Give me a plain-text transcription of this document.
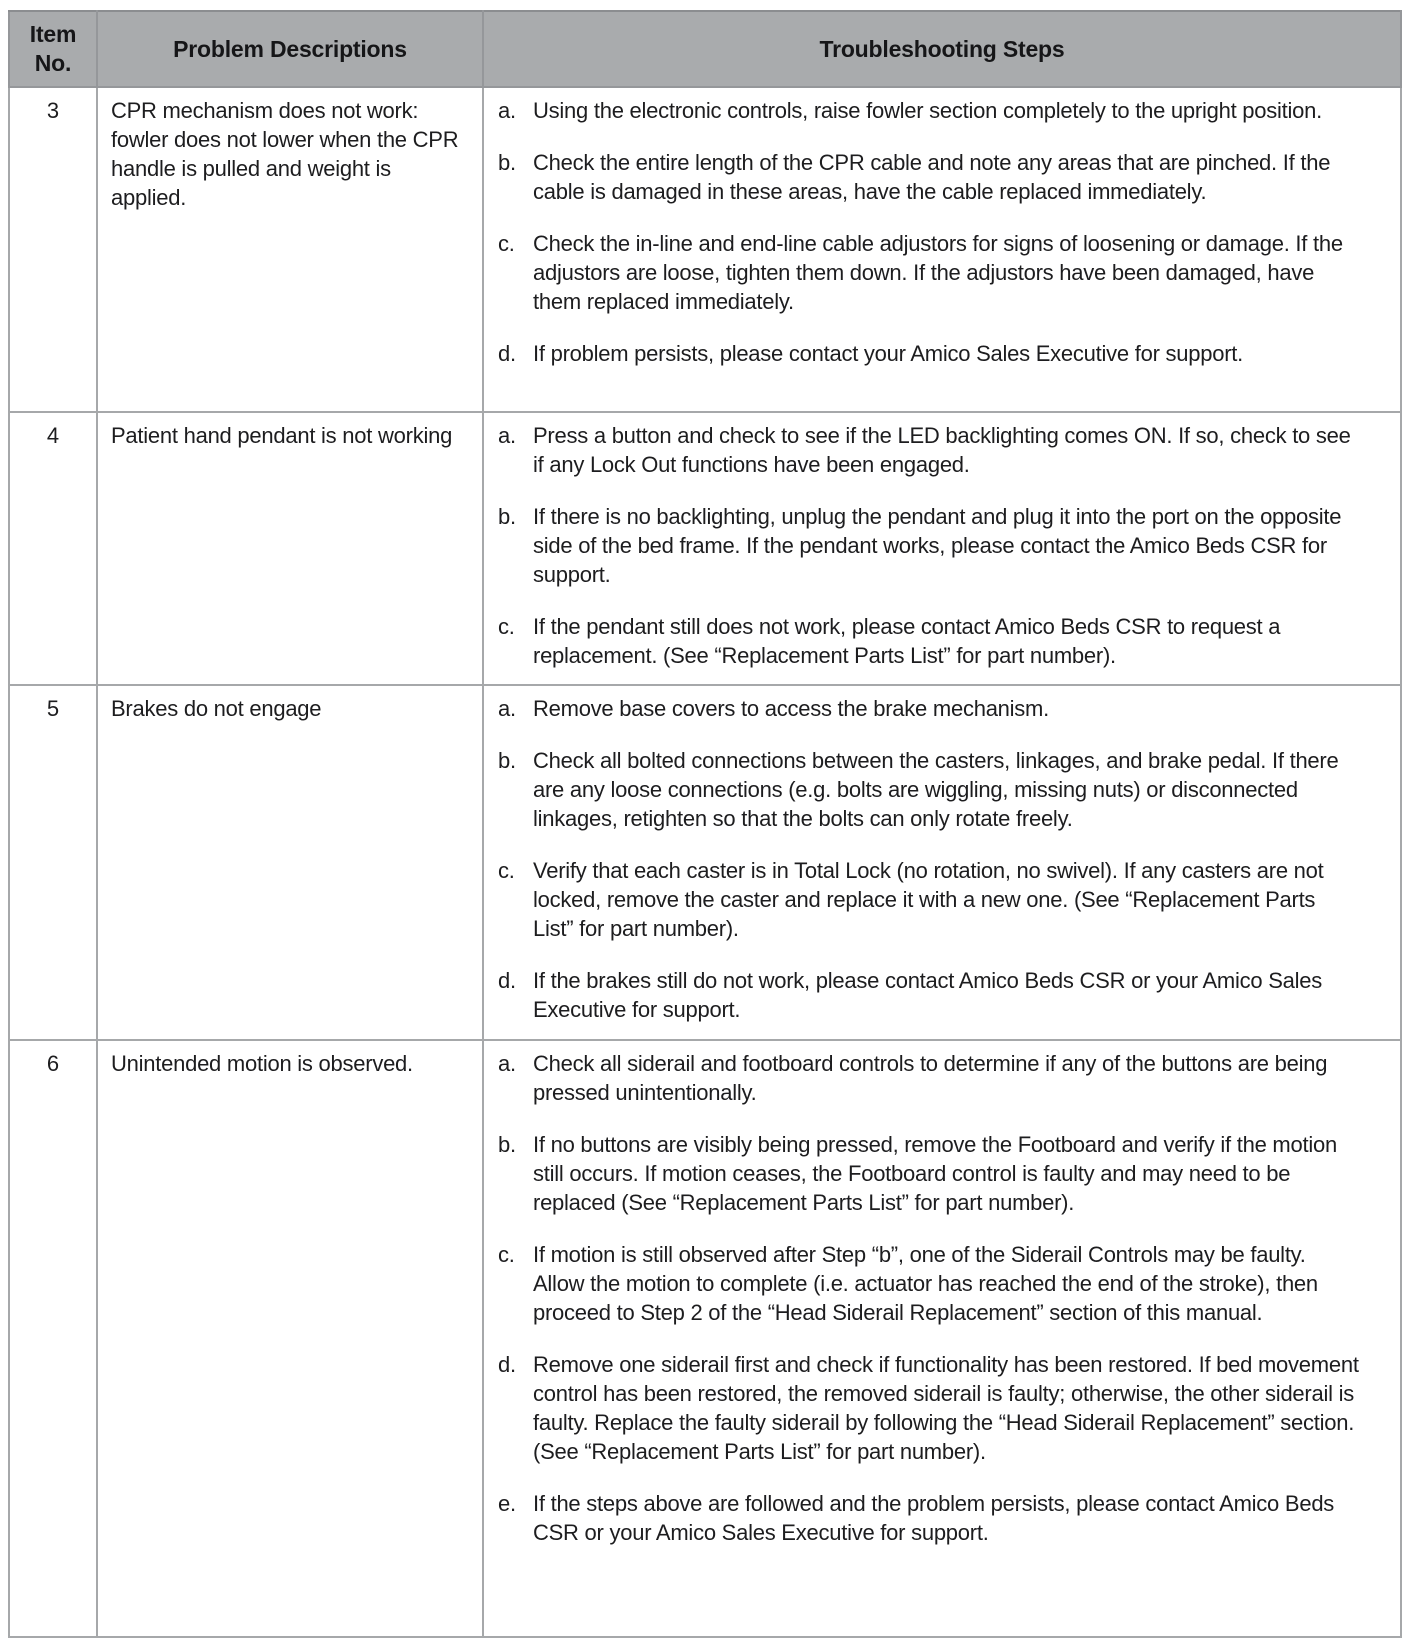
Item No.	Problem Descriptions	Troubleshooting Steps
3	CPR mechanism does not work: fowler does not lower when the CPR handle is pulled and weight is applied.	
a. Using the electronic controls, raise fowler section completely to the upright position.
b. Check the entire length of the CPR cable and note any areas that are pinched. If the cable is damaged in these areas, have the cable replaced immediately.
c. Check the in-line and end-line cable adjustors for signs of loosening or damage. If the adjustors are loose, tighten them down. If the adjustors have been damaged, have them replaced immediately.
d. If problem persists, please contact your Amico Sales Executive for support.

4	Patient hand pendant is not working	a. Press a button and check to see if the LED backlighting comes ON. If so, check to see if any Lock Out functions have been engaged.
b. If there is no backlighting, unplug the pendant and plug it into the port on the opposite side of the bed frame. If the pendant works, please contact the Amico Beds CSR for support.
c. If the pendant still does not work, please contact Amico Beds CSR to request a replacement. (See “Replacement Parts List” for part number).

5	Brakes do not engage	a. Remove base covers to access the brake mechanism.
b. Check all bolted connections between the casters, linkages, and brake pedal. If there are any loose connections (e.g. bolts are wiggling, missing nuts) or disconnected linkages, retighten so that the bolts can only rotate freely.
c. Verify that each caster is in Total Lock (no rotation, no swivel). If any casters are not locked, remove the caster and replace it with a new one. (See “Replacement Parts List” for part number).
d. If the brakes still do not work, please contact Amico Beds CSR or your Amico Sales Executive for support.

6	Unintended motion is observed.	a. Check all siderail and footboard controls to determine if any of the buttons are being pressed unintentionally.
b. If no buttons are visibly being pressed, remove the Footboard and verify if the motion still occurs. If motion ceases, the Footboard control is faulty and may need to be replaced (See “Replacement Parts List” for part number).
c. If motion is still observed after Step “b”, one of the Siderail Controls may be faulty. Allow the motion to complete (i.e. actuator has reached the end of the stroke), then proceed to Step 2 of the “Head Siderail Replacement” section of this manual.
d. Remove one siderail first and check if functionality has been restored. If bed movement control has been restored, the removed siderail is faulty; otherwise, the other siderail is faulty. Replace the faulty siderail by following the “Head Siderail Replacement” section. (See “Replacement Parts List” for part number).
e. If the steps above are followed and the problem persists, please contact Amico Beds CSR or your Amico Sales Executive for support.
